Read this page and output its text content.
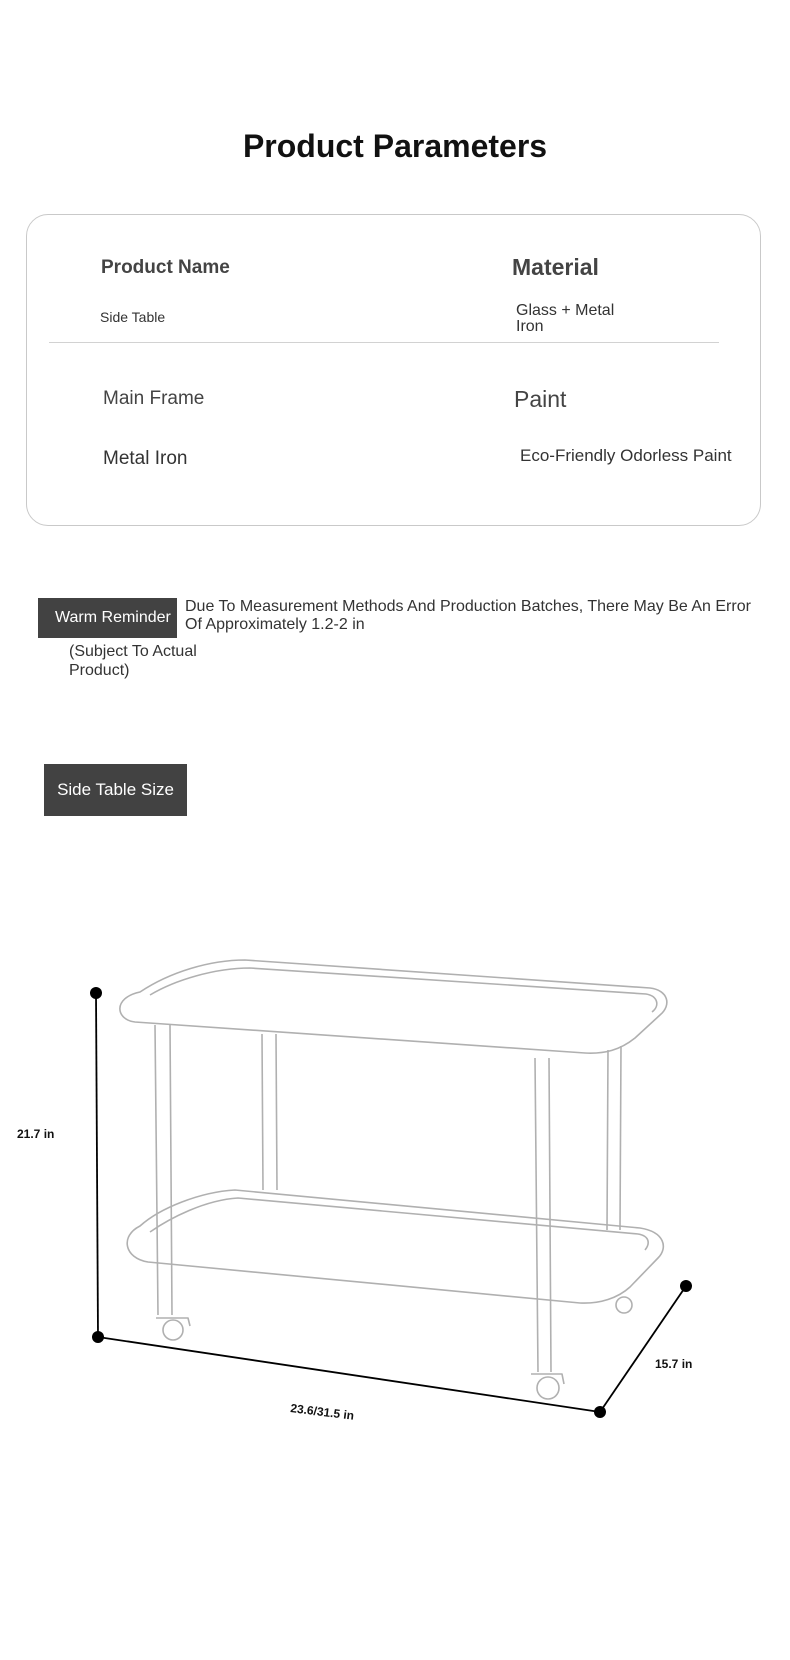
Product Parameters
Product Name
Side Table
Material
Glass + Metal Iron
Main Frame
Metal Iron
Paint
Eco-Friendly Odorless Paint
Warm Reminder
Due To Measurement Methods And Production Batches, There May Be An Error Of Approximately 1.2-2 in
(Subject To Actual Product)
Side Table Size
21.7 in
23.6/31.5 in
15.7 in
